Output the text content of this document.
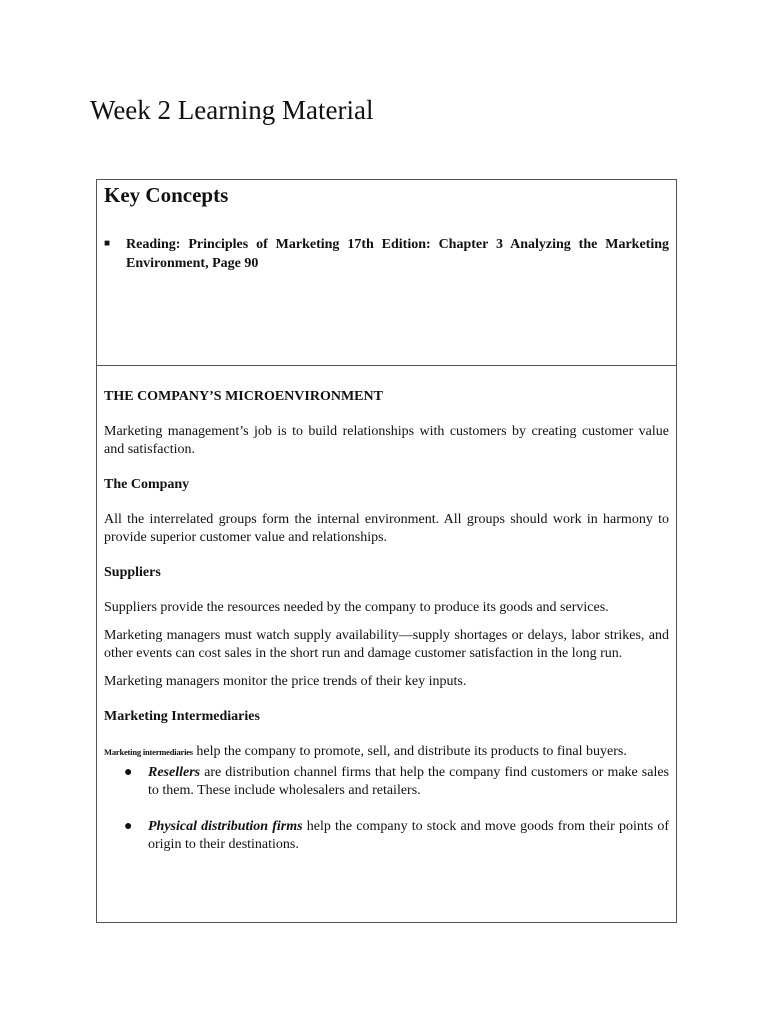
Week 2 Learning Material
Key Concepts
■	Reading: Principles of Marketing 17th Edition: Chapter 3 Analyzing the Marketing Environment, Page 90

THE COMPANY’S MICROENVIRONMENT

Marketing management’s job is to build relationships with customers by creating customer value and satisfaction.

The Company

All the interrelated groups form the internal environment. All groups should work in harmony to provide superior customer value and relationships.

Suppliers

Suppliers provide the resources needed by the company to produce its goods and services.

Marketing managers must watch supply availability—supply shortages or delays, labor strikes, and other events can cost sales in the short run and damage customer satisfaction in the long run.

Marketing managers monitor the price trends of their key inputs.

Marketing Intermediaries

Marketing intermediaries help the company to promote, sell, and distribute its products to final buyers.

●	Resellers are distribution channel firms that help the company find customers or make sales to them. These include wholesalers and retailers.

●	Physical distribution firms help the company to stock and move goods from their points of origin to their destinations.
